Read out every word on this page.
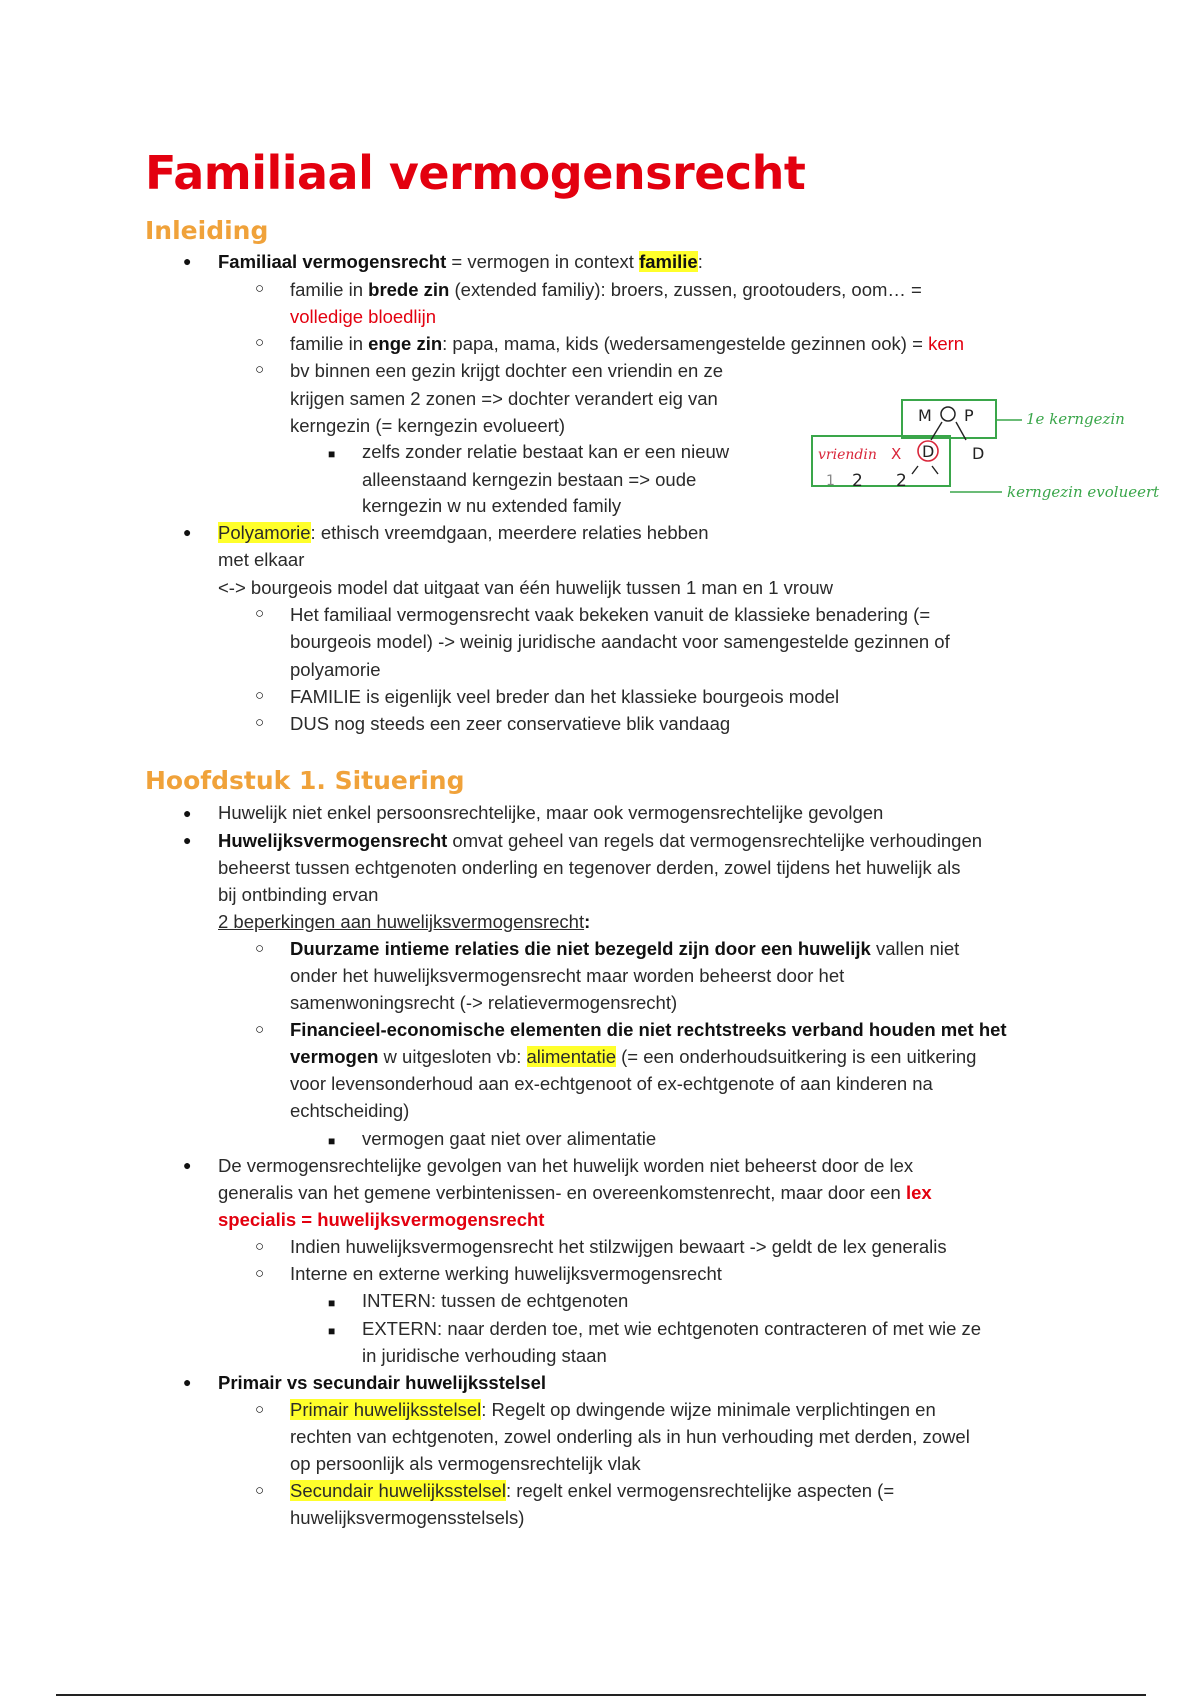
Familiaal vermogensrecht
Inleiding
●
Familiaal vermogensrecht = vermogen in context familie:
○
familie in brede zin (extended familiy): broers, zussen, grootouders, oom… =
volledige bloedlijn
○
familie in enge zin: papa, mama, kids (wedersamengestelde gezinnen ook) = kern
○
bv binnen een gezin krijgt dochter een vriendin en ze
krijgen samen 2 zonen => dochter verandert eig van
kerngezin (= kerngezin evolueert)
■
zelfs zonder relatie bestaat kan er een nieuw
alleenstaand kerngezin bestaan => oude
kerngezin w nu extended family
M P
D D
vriendin X
1 2 2
1e kerngezin
kerngezin evolueert
●
Polyamorie: ethisch vreemdgaan, meerdere relaties hebben
met elkaar
<-> bourgeois model dat uitgaat van één huwelijk tussen 1 man en 1 vrouw
○
Het familiaal vermogensrecht vaak bekeken vanuit de klassieke benadering (=
bourgeois model) -> weinig juridische aandacht voor samengestelde gezinnen of
polyamorie
○
FAMILIE is eigenlijk veel breder dan het klassieke bourgeois model
○
DUS nog steeds een zeer conservatieve blik vandaag
Hoofdstuk 1. Situering
●
Huwelijk niet enkel persoonsrechtelijke, maar ook vermogensrechtelijke gevolgen
●
Huwelijksvermogensrecht omvat geheel van regels dat vermogensrechtelijke verhoudingen
beheerst tussen echtgenoten onderling en tegenover derden, zowel tijdens het huwelijk als
bij ontbinding ervan
2 beperkingen aan huwelijksvermogensrecht:
○
Duurzame intieme relaties die niet bezegeld zijn door een huwelijk vallen niet
onder het huwelijksvermogensrecht maar worden beheerst door het
samenwoningsrecht (-> relatievermogensrecht)
○
Financieel-economische elementen die niet rechtstreeks verband houden met het
vermogen w uitgesloten vb: alimentatie (= een onderhoudsuitkering is een uitkering
voor levensonderhoud aan ex-echtgenoot of ex-echtgenote of aan kinderen na
echtscheiding)
■
vermogen gaat niet over alimentatie
●
De vermogensrechtelijke gevolgen van het huwelijk worden niet beheerst door de lex
generalis van het gemene verbintenissen- en overeenkomstenrecht, maar door een lex
specialis = huwelijksvermogensrecht
○
Indien huwelijksvermogensrecht het stilzwijgen bewaart -> geldt de lex generalis
○
Interne en externe werking huwelijksvermogensrecht
■
INTERN: tussen de echtgenoten
■
EXTERN: naar derden toe, met wie echtgenoten contracteren of met wie ze
in juridische verhouding staan
●
Primair vs secundair huwelijksstelsel
○
Primair huwelijksstelsel: Regelt op dwingende wijze minimale verplichtingen en
rechten van echtgenoten, zowel onderling als in hun verhouding met derden, zowel
op persoonlijk als vermogensrechtelijk vlak
○
Secundair huwelijksstelsel: regelt enkel vermogensrechtelijke aspecten (=
huwelijksvermogensstelsels)
